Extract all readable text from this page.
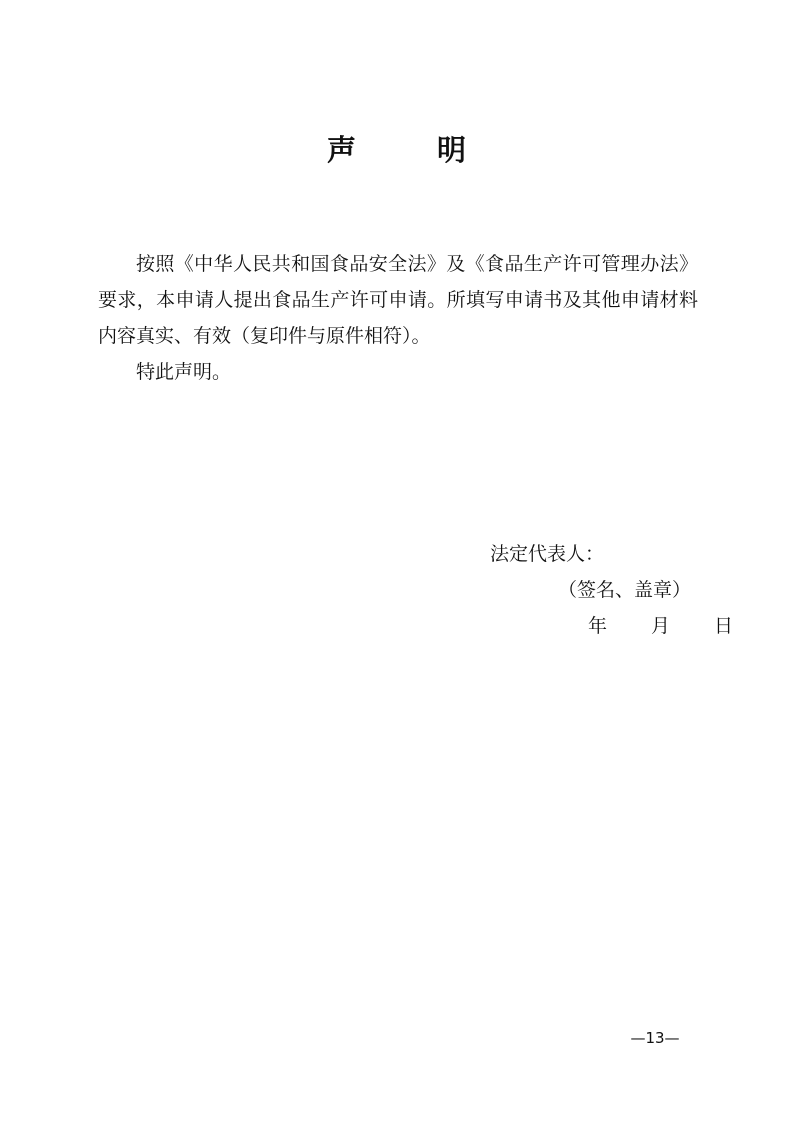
声　明

按照《中华人民共和国食品安全法》及《食品生产许可管理办法》要求，本申请人提出食品生产许可申请。所填写申请书及其他申请材料内容真实、有效（复印件与原件相符）。

特此声明。

法定代表人：

（签名、盖章）

年　　月　　日

—13—
